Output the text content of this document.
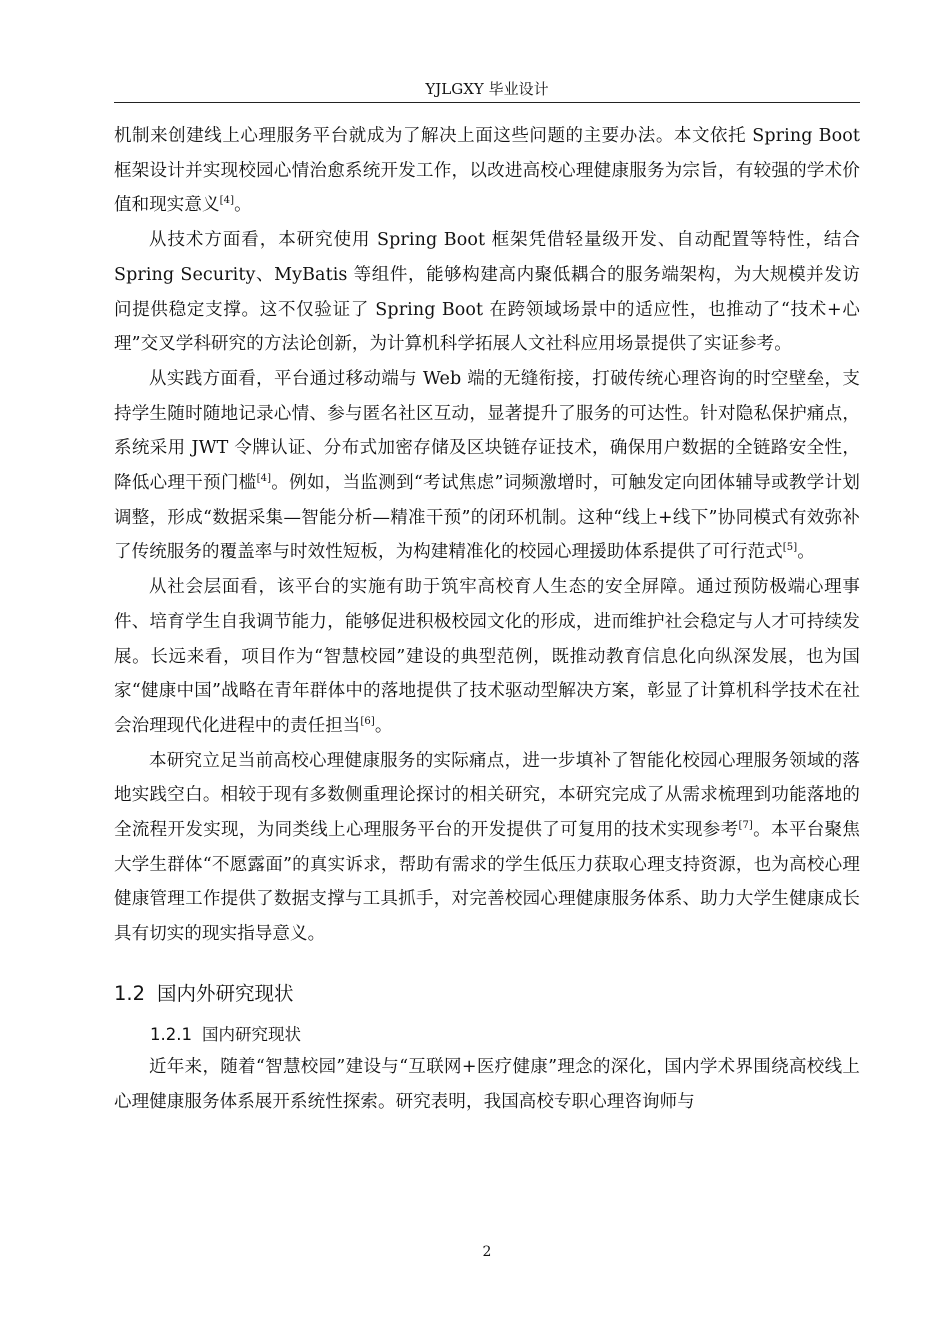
YJLGXY 毕业设计

机制来创建线上心理服务平台就成为了解决上面这些问题的主要办法。本文依托 Spring Boot 框架设计并实现校园心情治愈系统开发工作，以改进高校心理健康服务为宗旨，有较强的学术价值和现实意义[4]。

从技术方面看，本研究使用 Spring Boot 框架凭借轻量级开发、自动配置等特性，结合 Spring Security、MyBatis 等组件，能够构建高内聚低耦合的服务端架构，为大规模并发访问提供稳定支撑。这不仅验证了 Spring Boot 在跨领域场景中的适应性，也推动了“技术+心理”交叉学科研究的方法论创新，为计算机科学拓展人文社科应用场景提供了实证参考。

从实践方面看，平台通过移动端与 Web 端的无缝衔接，打破传统心理咨询的时空壁垒，支持学生随时随地记录心情、参与匿名社区互动，显著提升了服务的可达性。针对隐私保护痛点，系统采用 JWT 令牌认证、分布式加密存储及区块链存证技术，确保用户数据的全链路安全性，降低心理干预门槛[4]。例如，当监测到“考试焦虑”词频激增时，可触发定向团体辅导或教学计划调整，形成“数据采集—智能分析—精准干预”的闭环机制。这种“线上+线下”协同模式有效弥补了传统服务的覆盖率与时效性短板，为构建精准化的校园心理援助体系提供了可行范式[5]。

从社会层面看，该平台的实施有助于筑牢高校育人生态的安全屏障。通过预防极端心理事件、培育学生自我调节能力，能够促进积极校园文化的形成，进而维护社会稳定与人才可持续发展。长远来看，项目作为“智慧校园”建设的典型范例，既推动教育信息化向纵深发展，也为国家“健康中国”战略在青年群体中的落地提供了技术驱动型解决方案，彰显了计算机科学技术在社会治理现代化进程中的责任担当[6]。

本研究立足当前高校心理健康服务的实际痛点，进一步填补了智能化校园心理服务领域的落地实践空白。相较于现有多数侧重理论探讨的相关研究，本研究完成了从需求梳理到功能落地的全流程开发实现，为同类线上心理服务平台的开发提供了可复用的技术实现参考[7]。本平台聚焦大学生群体“不愿露面”的真实诉求，帮助有需求的学生低压力获取心理支持资源，也为高校心理健康管理工作提供了数据支撑与工具抓手，对完善校园心理健康服务体系、助力大学生健康成长具有切实的现实指导意义。

1.2 国内外研究现状
1.2.1 国内研究现状

近年来，随着“智慧校园”建设与“互联网+医疗健康”理念的深化，国内学术界围绕高校线上心理健康服务体系展开系统性探索。研究表明，我国高校专职心理咨询师与

2
